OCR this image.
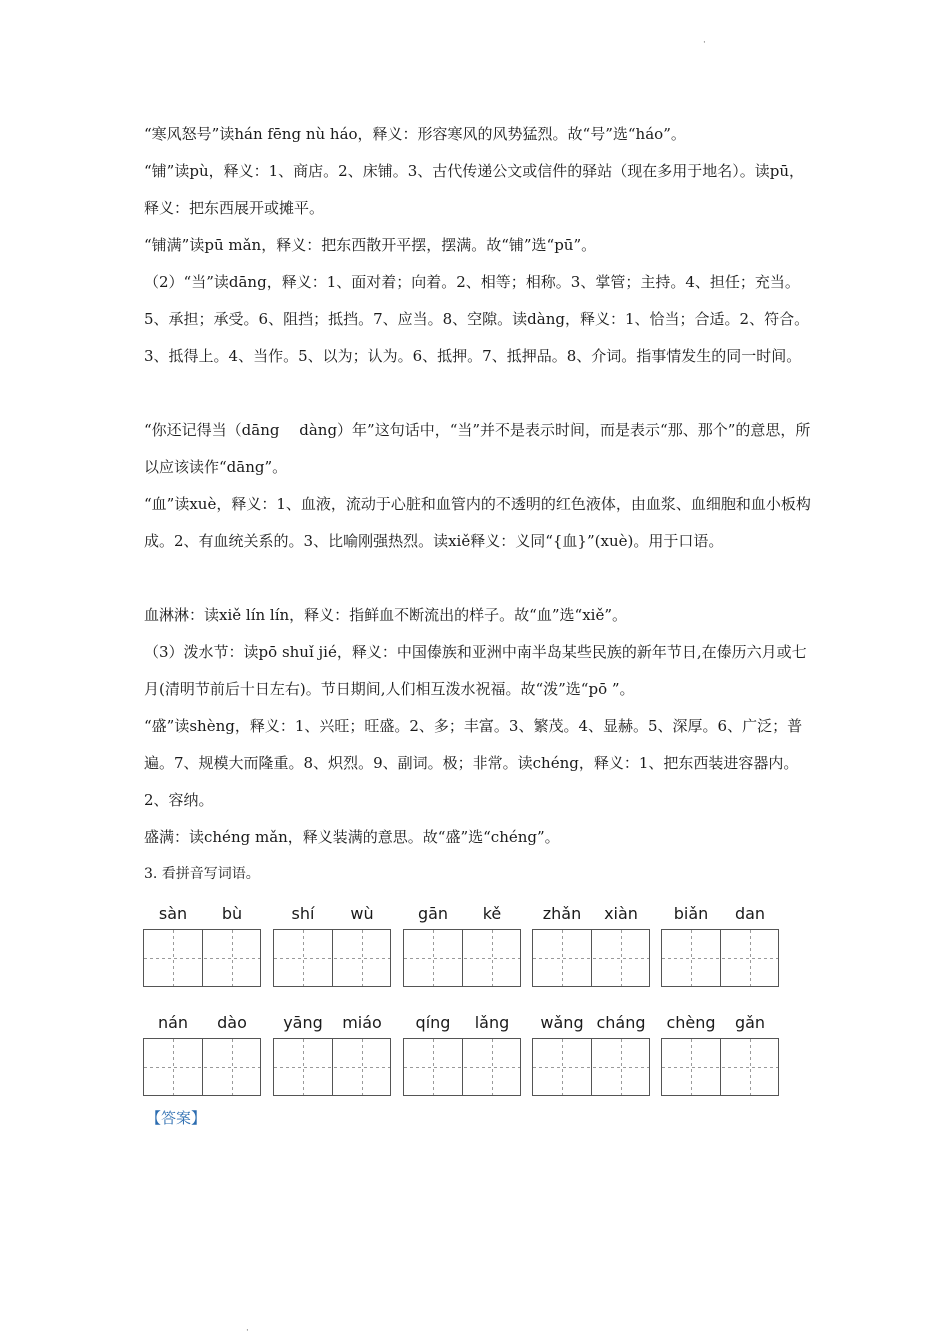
·
·

“寒风怒号”读hán fēng nù háo，释义：形容寒风的风势猛烈。故“号”选“háo”。

“铺”读pù，释义：1、商店。2、床铺。3、古代传递公文或信件的驿站（现在多用于地名）。读pū，释义：把东西展开或摊平。

“铺满”读pū mǎn，释义：把东西散开平摆，摆满。故“铺”选“pū”。

（2）“当”读dāng，释义：1、面对着；向着。2、相等；相称。3、掌管；主持。4、担任；充当。5、承担；承受。6、阻挡；抵挡。7、应当。8、空隙。读dàng，释义：1、恰当；合适。2、符合。3、抵得上。4、当作。5、以为；认为。6、抵押。7、抵押品。8、介词。指事情发生的同一时间。

“你还记得当（dāng　 dàng）年”这句话中，“当”并不是表示时间，而是表示“那、那个”的意思，所以应该读作“dāng”。

“血”读xuè，释义：1、血液，流动于心脏和血管内的不透明的红色液体，由血浆、血细胞和血小板构成。2、有血统关系的。3、比喻刚强热烈。读xiě释义：义同“{血}”(xuè)。用于口语。

血淋淋：读xiě lín lín，释义：指鲜血不断流出的样子。故“血”选“xiě”。

（3）泼水节：读pō shuǐ jié，释义：中国傣族和亚洲中南半岛某些民族的新年节日,在傣历六月或七月(清明节前后十日左右)。节日期间,人们相互泼水祝福。故“泼”选“pō ”。

“盛”读shèng，释义：1、兴旺；旺盛。2、多；丰富。3、繁茂。4、显赫。5、深厚。6、广泛；普遍。7、规模大而隆重。8、炽烈。9、副词。极；非常。读chéng，释义：1、把东西装进容器内。2、容纳。

盛满：读chéng mǎn，释义装满的意思。故“盛”选“chéng”。

3. 看拼音写词语。

sàn	bù	shí	wù	gān	kě	zhǎn	xiàn	biǎn	dan
nán	dào	yāng	miáo	qíng	lǎng	wǎng cháng	chèng	gǎn
【答案】
